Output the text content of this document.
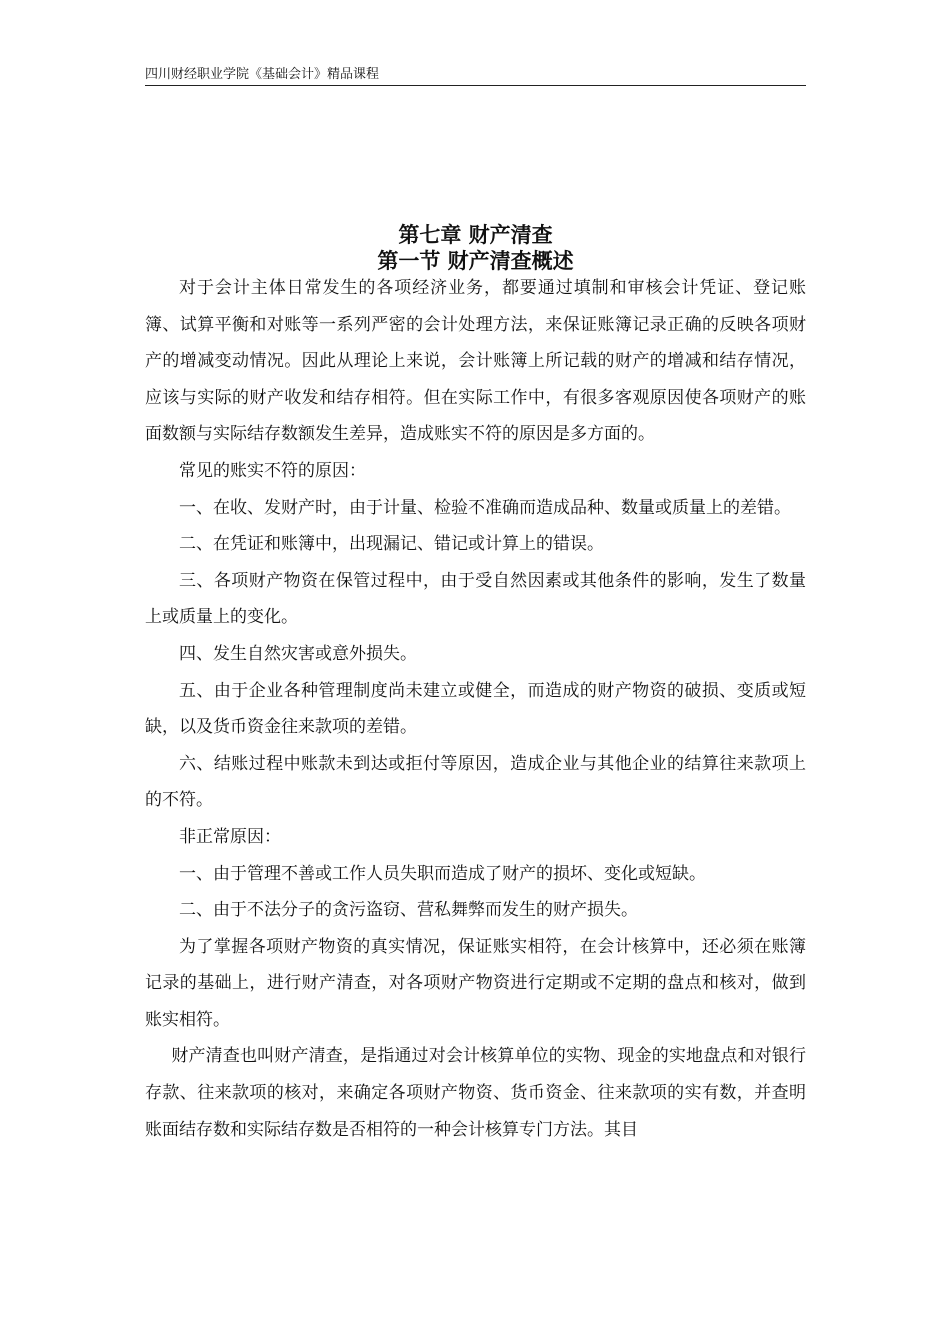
四川财经职业学院《基础会计》精品课程
第七章 财产清查
第一节 财产清查概述

对于会计主体日常发生的各项经济业务，都要通过填制和审核会计凭证、登记账簿、试算平衡和对账等一系列严密的会计处理方法，来保证账簿记录正确的反映各项财产的增减变动情况。因此从理论上来说，会计账簿上所记载的财产的增减和结存情况，应该与实际的财产收发和结存相符。但在实际工作中，有很多客观原因使各项财产的账面数额与实际结存数额发生差异，造成账实不符的原因是多方面的。

常见的账实不符的原因：

一、在收、发财产时，由于计量、检验不准确而造成品种、数量或质量上的差错。

二、在凭证和账簿中，出现漏记、错记或计算上的错误。

三、各项财产物资在保管过程中，由于受自然因素或其他条件的影响，发生了数量上或质量上的变化。

四、发生自然灾害或意外损失。

五、由于企业各种管理制度尚未建立或健全，而造成的财产物资的破损、变质或短缺，以及货币资金往来款项的差错。

六、结账过程中账款未到达或拒付等原因，造成企业与其他企业的结算往来款项上的不符。

非正常原因：

一、由于管理不善或工作人员失职而造成了财产的损坏、变化或短缺。

二、由于不法分子的贪污盗窃、营私舞弊而发生的财产损失。

为了掌握各项财产物资的真实情况，保证账实相符，在会计核算中，还必须在账簿记录的基础上，进行财产清查，对各项财产物资进行定期或不定期的盘点和核对，做到账实相符。

财产清查也叫财产清查，是指通过对会计核算单位的实物、现金的实地盘点和对银行存款、往来款项的核对，来确定各项财产物资、货币资金、往来款项的实有数，并查明账面结存数和实际结存数是否相符的一种会计核算专门方法。其目
